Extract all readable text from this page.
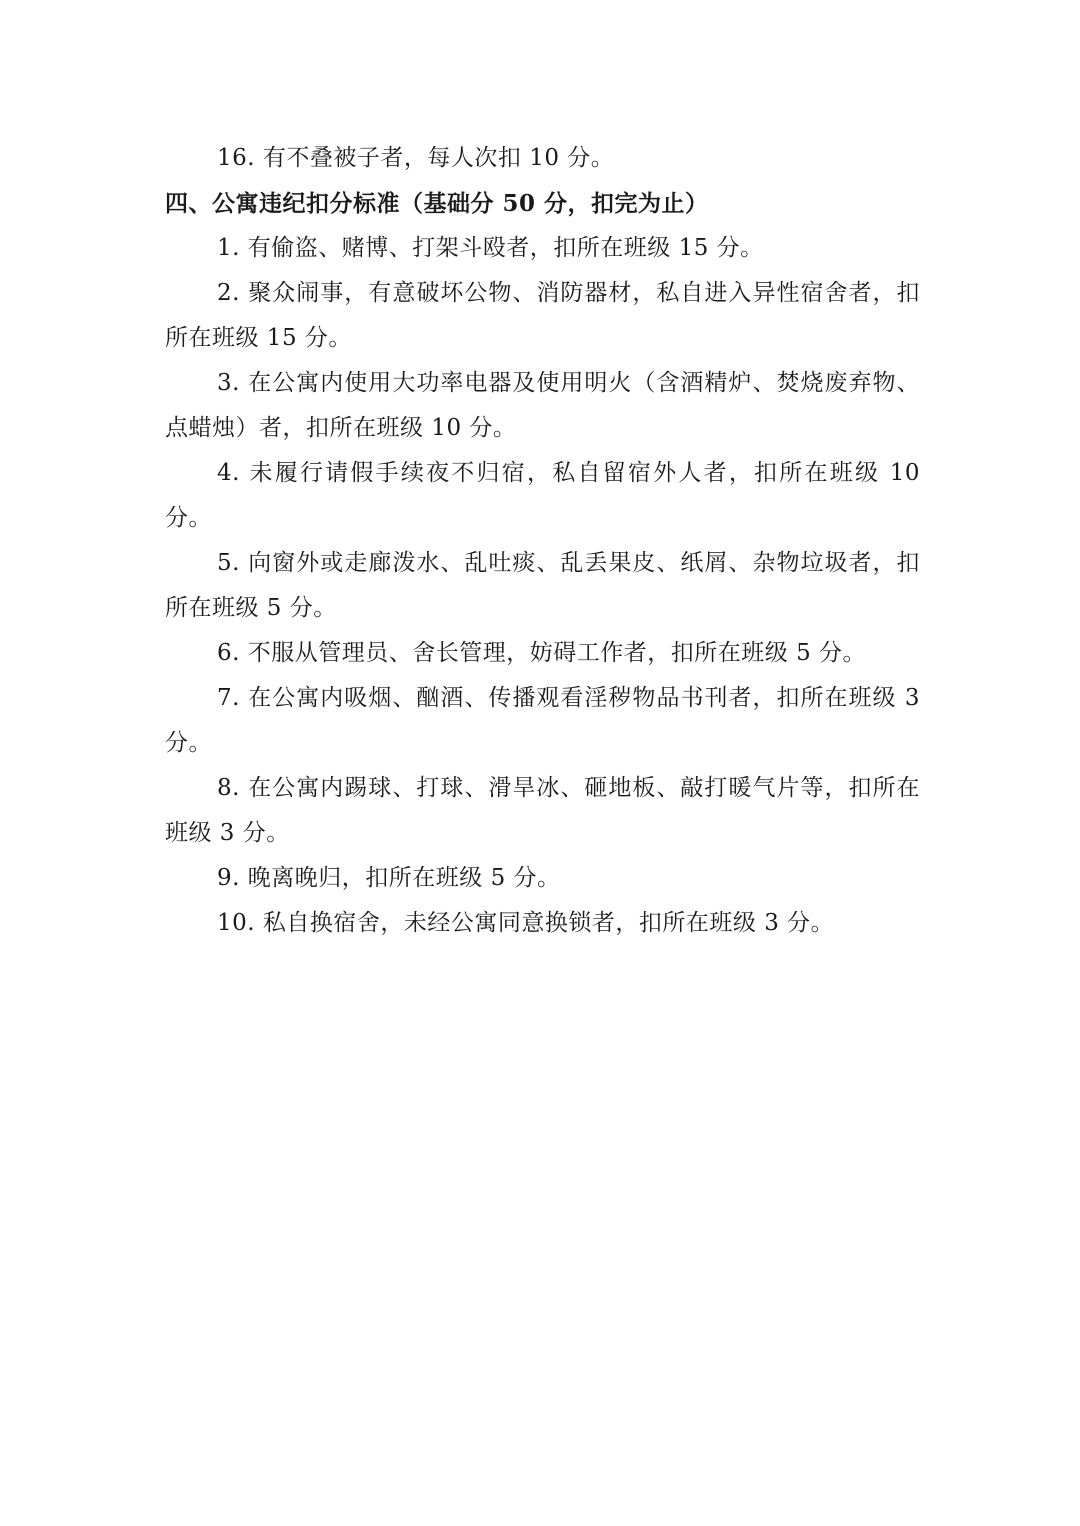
16. 有不叠被子者，每人次扣 10 分。

四、公寓违纪扣分标准（基础分 50 分，扣完为止）

1. 有偷盗、赌博、打架斗殴者，扣所在班级 15 分。

2. 聚众闹事，有意破坏公物、消防器材，私自进入异性宿舍者，扣所在班级 15 分。

3. 在公寓内使用大功率电器及使用明火（含酒精炉、焚烧废弃物、点蜡烛）者，扣所在班级 10 分。

4. 未履行请假手续夜不归宿，私自留宿外人者，扣所在班级 10 分。

5. 向窗外或走廊泼水、乱吐痰、乱丢果皮、纸屑、杂物垃圾者，扣所在班级 5 分。

6. 不服从管理员、舍长管理，妨碍工作者，扣所在班级 5 分。

7. 在公寓内吸烟、酗酒、传播观看淫秽物品书刊者，扣所在班级 3 分。

8. 在公寓内踢球、打球、滑旱冰、砸地板、敲打暖气片等，扣所在班级 3 分。

9. 晚离晚归，扣所在班级 5 分。

10. 私自换宿舍，未经公寓同意换锁者，扣所在班级 3 分。
